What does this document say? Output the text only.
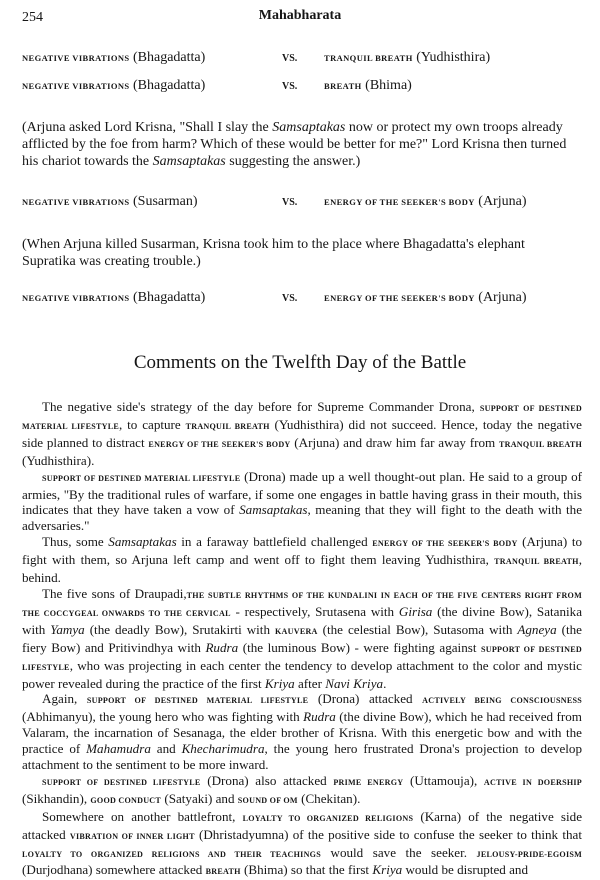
254	Mahabharata
NEGATIVE VIBRATIONS (Bhagadatta)	VS.	TRANQUIL BREATH (Yudhisthira)
NEGATIVE VIBRATIONS (Bhagadatta)	VS.	BREATH (Bhima)
(Arjuna asked Lord Krisna, "Shall I slay the Samsaptakas now or protect my own troops already afflicted by the foe from harm? Which of these would be better for me?" Lord Krisna then turned his chariot towards the Samsaptakas suggesting the answer.)
NEGATIVE VIBRATIONS (Susarman)	VS.	ENERGY OF THE SEEKER'S BODY (Arjuna)
(When Arjuna killed Susarman, Krisna took him to the place where Bhagadatta's elephant Supratika was creating trouble.)
NEGATIVE VIBRATIONS (Bhagadatta)	VS.	ENERGY OF THE SEEKER'S BODY (Arjuna)
Comments on the Twelfth Day of the Battle

The negative side's strategy of the day before for Supreme Commander Drona, SUPPORT OF DESTINED MATERIAL LIFESTYLE, to capture TRANQUIL BREATH (Yudhisthira) did not succeed. Hence, today the negative side planned to distract ENERGY OF THE SEEKER'S BODY (Arjuna) and draw him far away from TRANQUIL BREATH (Yudhisthira).

SUPPORT OF DESTINED MATERIAL LIFESTYLE (Drona) made up a well thought-out plan. He said to a group of armies, "By the traditional rules of warfare, if some one engages in battle having grass in their mouth, this indicates that they have taken a vow of Samsaptakas, meaning that they will fight to the death with the adversaries."

Thus, some Samsaptakas in a faraway battlefield challenged ENERGY OF THE SEEKER'S BODY (Arjuna) to fight with them, so Arjuna left camp and went off to fight them leaving Yudhisthira, TRANQUIL BREATH, behind.

The five sons of Draupadi,THE SUBTLE RHYTHMS OF THE KUNDALINI IN EACH OF THE FIVE CENTERS RIGHT FROM THE COCCYGEAL ONWARDS TO THE CERVICAL - respectively, Srutasena with Girisa (the divine Bow), Satanika with Yamya (the deadly Bow), Srutakirti with KAUVERA (the celestial Bow), Sutasoma with Agneya (the fiery Bow) and Pritivindhya with Rudra (the luminous Bow) - were fighting against SUPPORT OF DESTINED LIFESTYLE, who was projecting in each center the tendency to develop attachment to the color and mystic power revealed during the practice of the first Kriya after Navi Kriya.

Again, SUPPORT OF DESTINED MATERIAL LIFESTYLE (Drona) attacked ACTIVELY BEING CONSCIOUSNESS (Abhimanyu), the young hero who was fighting with Rudra (the divine Bow), which he had received from Valaram, the incarnation of Sesanaga, the elder brother of Krisna. With this energetic bow and with the practice of Mahamudra and Khecharimudra, the young hero frustrated Drona's projection to develop attachment to the sentiment to be more inward.

SUPPORT OF DESTINED LIFESTYLE (Drona) also attacked PRIME ENERGY (Uttamouja), ACTIVE IN DOERSHIP (Sikhandin), GOOD CONDUCT (Satyaki) and SOUND OF OM (Chekitan).

Somewhere on another battlefront, LOYALTY TO ORGANIZED RELIGIONS (Karna) of the negative side attacked VIBRATION OF INNER LIGHT (Dhristadyumna) of the positive side to confuse the seeker to think that LOYALTY TO ORGANIZED RELIGIONS AND THEIR TEACHINGS would save the seeker. JELOUSY-PRIDE-EGOISM (Durjodhana) somewhere attacked BREATH (Bhima) so that the first Kriya would be disrupted and
